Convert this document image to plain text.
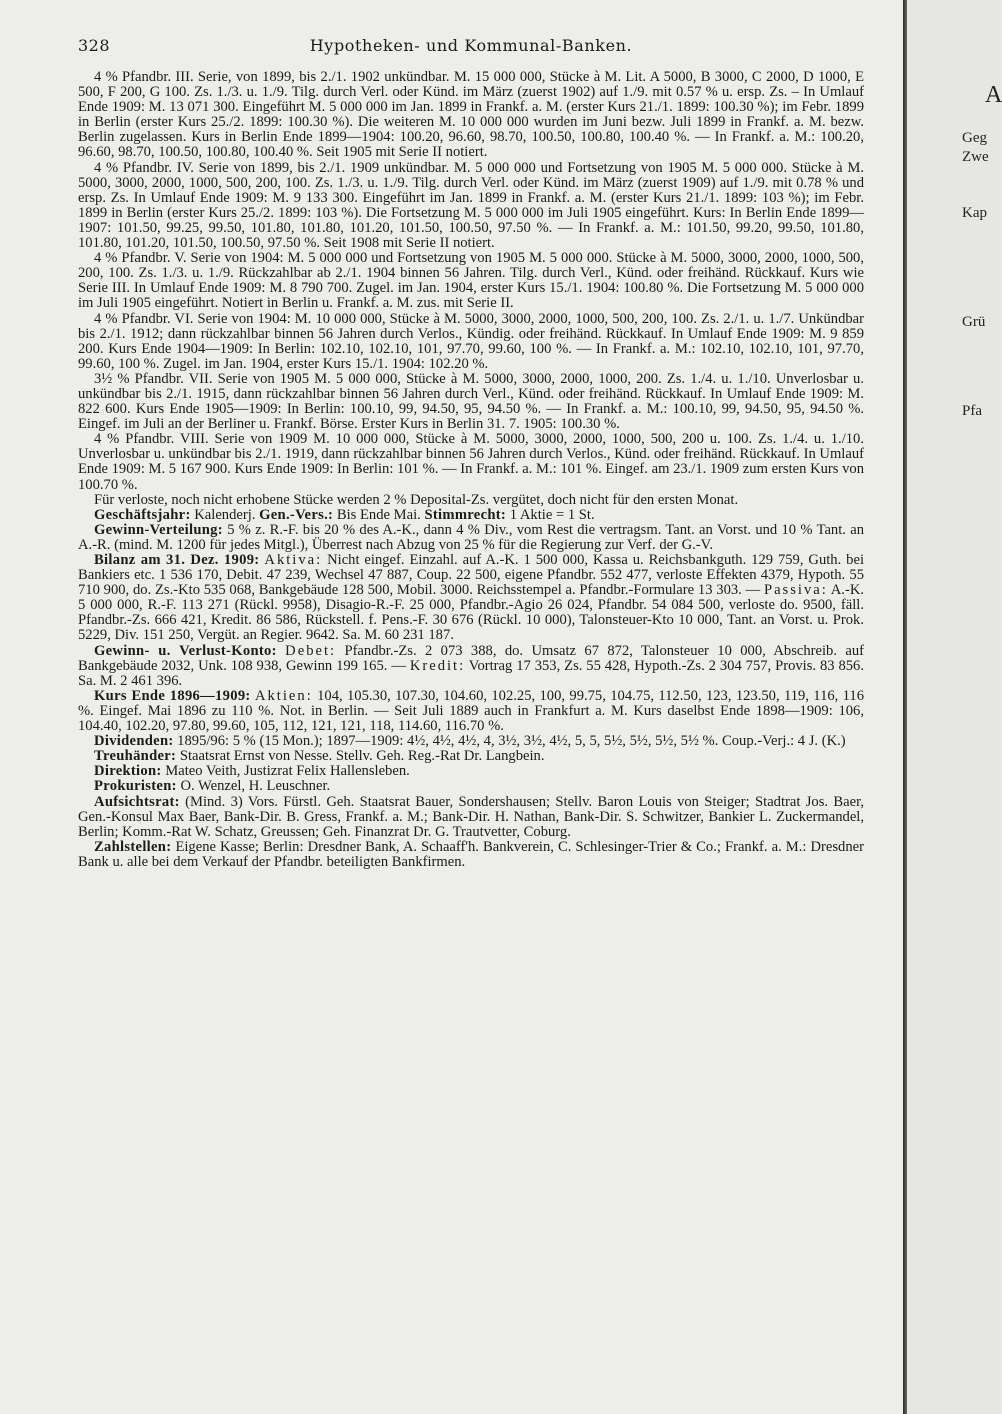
328	Hypotheken- und Kommunal-Banken.

4 % Pfandbr. III. Serie, von 1899, bis 2./1. 1902 unkündbar. M. 15 000 000, Stücke à M. Lit. A 5000, B 3000, C 2000, D 1000, E 500, F 200, G 100. Zs. 1./3. u. 1./9. Tilg. durch Verl. oder Künd. im März (zuerst 1902) auf 1./9. mit 0.57 % u. ersp. Zs. – In Umlauf Ende 1909: M. 13 071 300. Eingeführt M. 5 000 000 im Jan. 1899 in Frankf. a. M. (erster Kurs 21./1. 1899: 100.30 %); im Febr. 1899 in Berlin (erster Kurs 25./2. 1899: 100.30 %). Die weiteren M. 10 000 000 wurden im Juni bezw. Juli 1899 in Frankf. a. M. bezw. Berlin zugelassen. Kurs in Berlin Ende 1899—1904: 100.20, 96.60, 98.70, 100.50, 100.80, 100.40 %. — In Frankf. a. M.: 100.20, 96.60, 98.70, 100.50, 100.80, 100.40 %. Seit 1905 mit Serie II notiert.

4 % Pfandbr. IV. Serie von 1899, bis 2./1. 1909 unkündbar. M. 5 000 000 und Fortsetzung von 1905 M. 5 000 000. Stücke à M. 5000, 3000, 2000, 1000, 500, 200, 100. Zs. 1./3. u. 1./9. Tilg. durch Verl. oder Künd. im März (zuerst 1909) auf 1./9. mit 0.78 % und ersp. Zs. In Umlauf Ende 1909: M. 9 133 300. Eingeführt im Jan. 1899 in Frankf. a. M. (erster Kurs 21./1. 1899: 103 %); im Febr. 1899 in Berlin (erster Kurs 25./2. 1899: 103 %). Die Fortsetzung M. 5 000 000 im Juli 1905 eingeführt. Kurs: In Berlin Ende 1899—1907: 101.50, 99.25, 99.50, 101.80, 101.80, 101.20, 101.50, 100.50, 97.50 %. — In Frankf. a. M.: 101.50, 99.20, 99.50, 101.80, 101.80, 101.20, 101.50, 100.50, 97.50 %. Seit 1908 mit Serie II notiert.

4 % Pfandbr. V. Serie von 1904: M. 5 000 000 und Fortsetzung von 1905 M. 5 000 000. Stücke à M. 5000, 3000, 2000, 1000, 500, 200, 100. Zs. 1./3. u. 1./9. Rückzahlbar ab 2./1. 1904 binnen 56 Jahren. Tilg. durch Verl., Künd. oder freihänd. Rückkauf. Kurs wie Serie III. In Umlauf Ende 1909: M. 8 790 700. Zugel. im Jan. 1904, erster Kurs 15./1. 1904: 100.80 %. Die Fortsetzung M. 5 000 000 im Juli 1905 eingeführt. Notiert in Berlin u. Frankf. a. M. zus. mit Serie II.

4 % Pfandbr. VI. Serie von 1904: M. 10 000 000, Stücke à M. 5000, 3000, 2000, 1000, 500, 200, 100. Zs. 2./1. u. 1./7. Unkündbar bis 2./1. 1912; dann rückzahlbar binnen 56 Jahren durch Verlos., Kündig. oder freihänd. Rückkauf. In Umlauf Ende 1909: M. 9 859 200. Kurs Ende 1904—1909: In Berlin: 102.10, 102.10, 101, 97.70, 99.60, 100 %. — In Frankf. a. M.: 102.10, 102.10, 101, 97.70, 99.60, 100 %. Zugel. im Jan. 1904, erster Kurs 15./1. 1904: 102.20 %.

3½ % Pfandbr. VII. Serie von 1905 M. 5 000 000, Stücke à M. 5000, 3000, 2000, 1000, 200. Zs. 1./4. u. 1./10. Unverlosbar u. unkündbar bis 2./1. 1915, dann rückzahlbar binnen 56 Jahren durch Verl., Künd. oder freihänd. Rückkauf. In Umlauf Ende 1909: M. 822 600. Kurs Ende 1905—1909: In Berlin: 100.10, 99, 94.50, 95, 94.50 %. — In Frankf. a. M.: 100.10, 99, 94.50, 95, 94.50 %. Eingef. im Juli an der Berliner u. Frankf. Börse. Erster Kurs in Berlin 31. 7. 1905: 100.30 %.

4 % Pfandbr. VIII. Serie von 1909 M. 10 000 000, Stücke à M. 5000, 3000, 2000, 1000, 500, 200 u. 100. Zs. 1./4. u. 1./10. Unverlosbar u. unkündbar bis 2./1. 1919, dann rückzahlbar binnen 56 Jahren durch Verlos., Künd. oder freihänd. Rückkauf. In Umlauf Ende 1909: M. 5 167 900. Kurs Ende 1909: In Berlin: 101 %. — In Frankf. a. M.: 101 %. Eingef. am 23./1. 1909 zum ersten Kurs von 100.70 %.

Für verloste, noch nicht erhobene Stücke werden 2 % Deposital-Zs. vergütet, doch nicht für den ersten Monat.

Geschäftsjahr: Kalenderj. Gen.-Vers.: Bis Ende Mai. Stimmrecht: 1 Aktie = 1 St.

Gewinn-Verteilung: 5 % z. R.-F. bis 20 % des A.-K., dann 4 % Div., vom Rest die vertragsm. Tant. an Vorst. und 10 % Tant. an A.-R. (mind. M. 1200 für jedes Mitgl.), Überrest nach Abzug von 25 % für die Regierung zur Verf. der G.-V.

Bilanz am 31. Dez. 1909: Aktiva: Nicht eingef. Einzahl. auf A.-K. 1 500 000, Kassa u. Reichsbankguth. 129 759, Guth. bei Bankiers etc. 1 536 170, Debit. 47 239, Wechsel 47 887, Coup. 22 500, eigene Pfandbr. 552 477, verloste Effekten 4379, Hypoth. 55 710 900, do. Zs.-Kto 535 068, Bankgebäude 128 500, Mobil. 3000. Reichsstempel a. Pfandbr.-Formulare 13 303. — Passiva: A.-K. 5 000 000, R.-F. 113 271 (Rückl. 9958), Disagio-R.-F. 25 000, Pfandbr.-Agio 26 024, Pfandbr. 54 084 500, verloste do. 9500, fäll. Pfandbr.-Zs. 666 421, Kredit. 86 586, Rückstell. f. Pens.-F. 30 676 (Rückl. 10 000), Talonsteuer-Kto 10 000, Tant. an Vorst. u. Prok. 5229, Div. 151 250, Vergüt. an Regier. 9642. Sa. M. 60 231 187.

Gewinn- u. Verlust-Konto: Debet: Pfandbr.-Zs. 2 073 388, do. Umsatz 67 872, Talonsteuer 10 000, Abschreib. auf Bankgebäude 2032, Unk. 108 938, Gewinn 199 165. — Kredit: Vortrag 17 353, Zs. 55 428, Hypoth.-Zs. 2 304 757, Provis. 83 856. Sa. M. 2 461 396.

Kurs Ende 1896—1909: Aktien: 104, 105.30, 107.30, 104.60, 102.25, 100, 99.75, 104.75, 112.50, 123, 123.50, 119, 116, 116 %. Eingef. Mai 1896 zu 110 %. Not. in Berlin. — Seit Juli 1889 auch in Frankfurt a. M. Kurs daselbst Ende 1898—1909: 106, 104.40, 102.20, 97.80, 99.60, 105, 112, 121, 121, 118, 114.60, 116.70 %.

Dividenden: 1895/96: 5 % (15 Mon.); 1897—1909: 4½, 4½, 4½, 4, 3½, 3½, 4½, 5, 5, 5½, 5½, 5½, 5½ %. Coup.-Verj.: 4 J. (K.)

Treuhänder: Staatsrat Ernst von Nesse. Stellv. Geh. Reg.-Rat Dr. Langbein.

Direktion: Mateo Veith, Justizrat Felix Hallensleben.

Prokuristen: O. Wenzel, H. Leuschner.

Aufsichtsrat: (Mind. 3) Vors. Fürstl. Geh. Staatsrat Bauer, Sondershausen; Stellv. Baron Louis von Steiger; Stadtrat Jos. Baer, Gen.-Konsul Max Baer, Bank-Dir. B. Gress, Frankf. a. M.; Bank-Dir. H. Nathan, Bank-Dir. S. Schwitzer, Bankier L. Zuckermandel, Berlin; Komm.-Rat W. Schatz, Greussen; Geh. Finanzrat Dr. G. Trautvetter, Coburg.

Zahlstellen: Eigene Kasse; Berlin: Dresdner Bank, A. Schaaff'h. Bankverein, C. Schlesinger-Trier & Co.; Frankf. a. M.: Dresdner Bank u. alle bei dem Verkauf der Pfandbr. beteiligten Bankfirmen.

A
Geg
Zwe
Kap
Grü
Pfa
